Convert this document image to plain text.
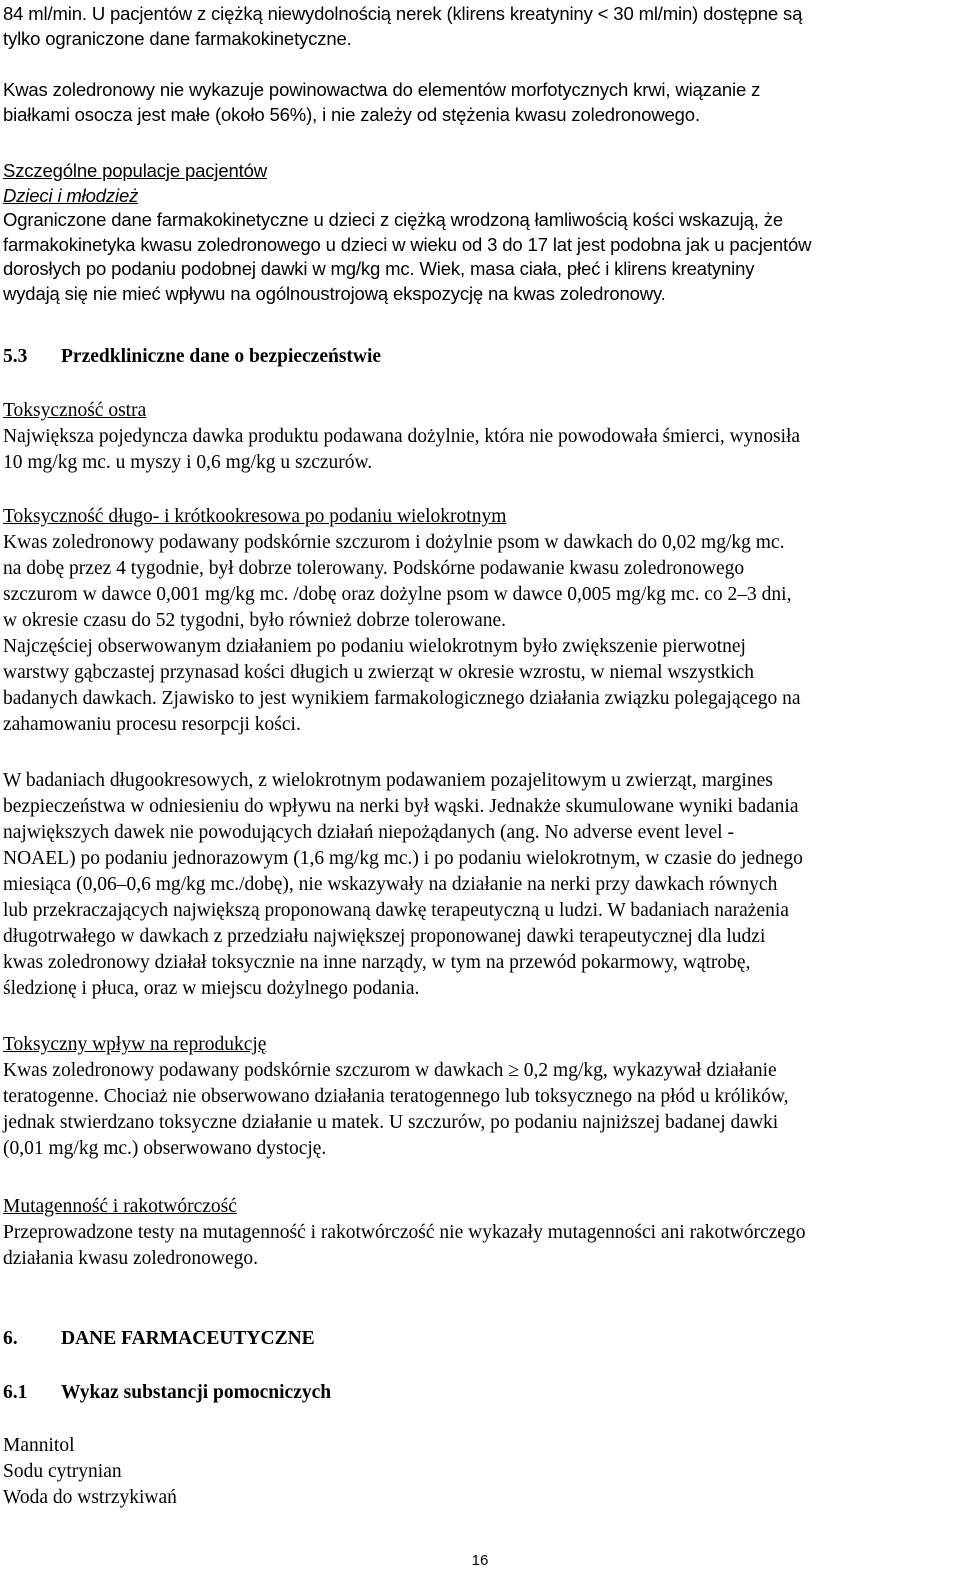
84 ml/min. U pacjentów z ciężką niewydolnością nerek (klirens kreatyniny < 30 ml/min) dostępne są
tylko ograniczone dane farmakokinetyczne.

Kwas zoledronowy nie wykazuje powinowactwa do elementów morfotycznych krwi, wiązanie z
białkami osocza jest małe (około 56%), i nie zależy od stężenia kwasu zoledronowego.

Szczególne populacje pacjentów
Dzieci i młodzież
Ograniczone dane farmakokinetyczne u dzieci z ciężką wrodzoną łamliwością kości wskazują, że
farmakokinetyka kwasu zoledronowego u dzieci w wieku od 3 do 17 lat jest podobna jak u pacjentów
dorosłych po podaniu podobnej dawki w mg/kg mc. Wiek, masa ciała, płeć i klirens kreatyniny
wydają się nie mieć wpływu na ogólnoustrojową ekspozycję na kwas zoledronowy.
5.3 Przedkliniczne dane o bezpieczeństwie
Toksyczność ostra
Największa pojedyncza dawka produktu podawana dożylnie, która nie powodowała śmierci, wynosiła
10 mg/kg mc. u myszy i 0,6 mg/kg u szczurów.
Toksyczność długo- i krótkookresowa po podaniu wielokrotnym
Kwas zoledronowy podawany podskórnie szczurom i dożylnie psom w dawkach do 0,02 mg/kg mc.
na dobę przez 4 tygodnie, był dobrze tolerowany. Podskórne podawanie kwasu zoledronowego
szczurom w dawce 0,001 mg/kg mc. /dobę oraz dożylne psom w dawce 0,005 mg/kg mc. co 2–3 dni,
w okresie czasu do 52 tygodni, było również dobrze tolerowane.
Najczęściej obserwowanym działaniem po podaniu wielokrotnym było zwiększenie pierwotnej
warstwy gąbczastej przynasad kości długich u zwierząt w okresie wzrostu, w niemal wszystkich
badanych dawkach. Zjawisko to jest wynikiem farmakologicznego działania związku polegającego na
zahamowaniu procesu resorpcji kości.

W badaniach długookresowych, z wielokrotnym podawaniem pozajelitowym u zwierząt, margines
bezpieczeństwa w odniesieniu do wpływu na nerki był wąski. Jednakże skumulowane wyniki badania
największych dawek nie powodujących działań niepożądanych (ang. No adverse event level -
NOAEL) po podaniu jednorazowym (1,6 mg/kg mc.) i po podaniu wielokrotnym, w czasie do jednego
miesiąca (0,06–0,6 mg/kg mc./dobę), nie wskazywały na działanie na nerki przy dawkach równych
lub przekraczających największą proponowaną dawkę terapeutyczną u ludzi. W badaniach narażenia
długotrwałego w dawkach z przedziału największej proponowanej dawki terapeutycznej dla ludzi
kwas zoledronowy działał toksycznie na inne narządy, w tym na przewód pokarmowy, wątrobę,
śledzionę i płuca, oraz w miejscu dożylnego podania.

Toksyczny wpływ na reprodukcję
Kwas zoledronowy podawany podskórnie szczurom w dawkach ≥ 0,2 mg/kg, wykazywał działanie
teratogenne. Chociaż nie obserwowano działania teratogennego lub toksycznego na płód u królików,
jednak stwierdzano toksyczne działanie u matek. U szczurów, po podaniu najniższej badanej dawki
(0,01 mg/kg mc.) obserwowano dystocję.
Mutagenność i rakotwórczość
Przeprowadzone testy na mutagenność i rakotwórczość nie wykazały mutagenności ani rakotwórczego
działania kwasu zoledronowego.
6. DANE FARMACEUTYCZNE
6.1 Wykaz substancji pomocniczych
Mannitol
Sodu cytrynian
Woda do wstrzykiwań
16
